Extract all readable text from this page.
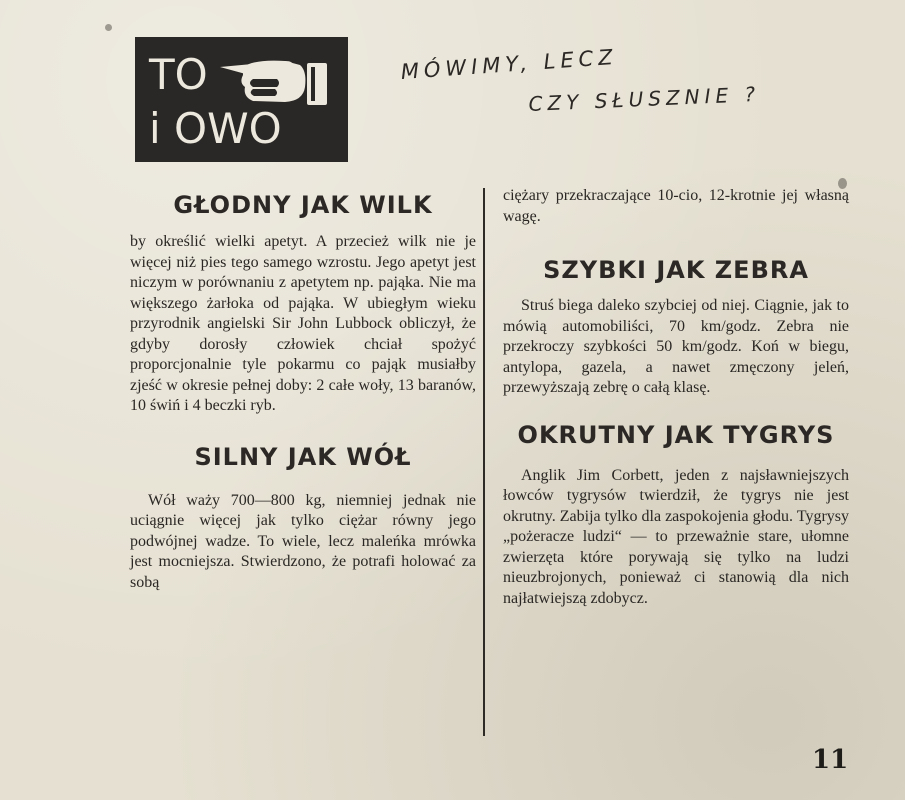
TO
i OWO
MÓWIMY, LECZ
CZY SŁUSZNIE ?
GŁODNY JAK WILK

by określić wielki apetyt. A przecież wilk nie je więcej niż pies tego samego wzrostu. Jego apetyt jest niczym w porównaniu z apetytem np. pająka. Nie ma większego żarłoka od pająka. W ubiegłym wieku przyrodnik angielski Sir John Lubbock obliczył, że gdyby dorosły człowiek chciał spożyć proporcjonalnie tyle pokarmu co pająk musiałby zjeść w okresie pełnej doby: 2 całe woły, 13 baranów, 10 świń i 4 beczki ryb.

SILNY JAK WÓŁ

Wół waży 700—800 kg, niemniej jednak nie uciągnie więcej jak tylko ciężar równy jego podwójnej wadze. To wiele, lecz maleńka mrówka jest mocniejsza. Stwierdzono, że potrafi holować za sobą

ciężary przekraczające 10-cio, 12-krotnie jej własną wagę.

SZYBKI JAK ZEBRA

Struś biega daleko szybciej od niej. Ciągnie, jak to mówią automobiliści, 70 km/godz. Zebra nie przekroczy szybkości 50 km/godz. Koń w biegu, antylopa, gazela, a nawet zmęczony jeleń, przewyższają zebrę o całą klasę.

OKRUTNY JAK TYGRYS

Anglik Jim Corbett, jeden z najsławniejszych łowców tygrysów twierdził, że tygrys nie jest okrutny. Zabija tylko dla zaspokojenia głodu. Tygrysy „pożeracze ludzi“ — to przeważnie stare, ułomne zwierzęta które porywają się tylko na ludzi nieuzbrojonych, ponieważ ci stanowią dla nich najłatwiejszą zdobycz.

11
